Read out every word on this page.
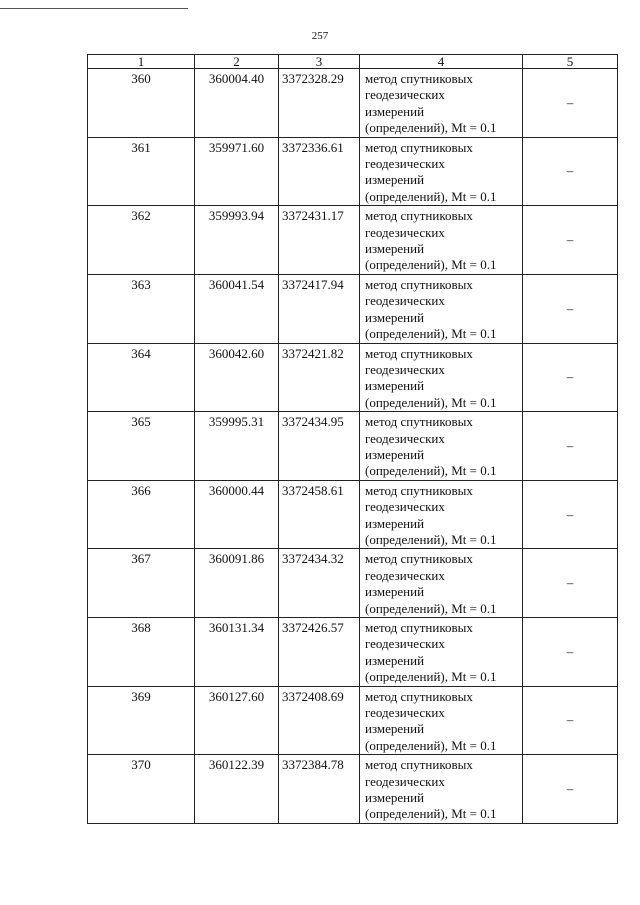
257
1	2	3	4	5
360	360004.40	3372328.29	метод спутниковых
геодезических
измерений
(определений), Mt = 0.1	–
361	359971.60	3372336.61	метод спутниковых
геодезических
измерений
(определений), Mt = 0.1	–
362	359993.94	3372431.17	метод спутниковых
геодезических
измерений
(определений), Mt = 0.1	–
363	360041.54	3372417.94	метод спутниковых
геодезических
измерений
(определений), Mt = 0.1	–
364	360042.60	3372421.82	метод спутниковых
геодезических
измерений
(определений), Mt = 0.1	–
365	359995.31	3372434.95	метод спутниковых
геодезических
измерений
(определений), Mt = 0.1	–
366	360000.44	3372458.61	метод спутниковых
геодезических
измерений
(определений), Mt = 0.1	–
367	360091.86	3372434.32	метод спутниковых
геодезических
измерений
(определений), Mt = 0.1	–
368	360131.34	3372426.57	метод спутниковых
геодезических
измерений
(определений), Mt = 0.1	–
369	360127.60	3372408.69	метод спутниковых
геодезических
измерений
(определений), Mt = 0.1	–
370	360122.39	3372384.78	метод спутниковых
геодезических
измерений
(определений), Mt = 0.1	–
